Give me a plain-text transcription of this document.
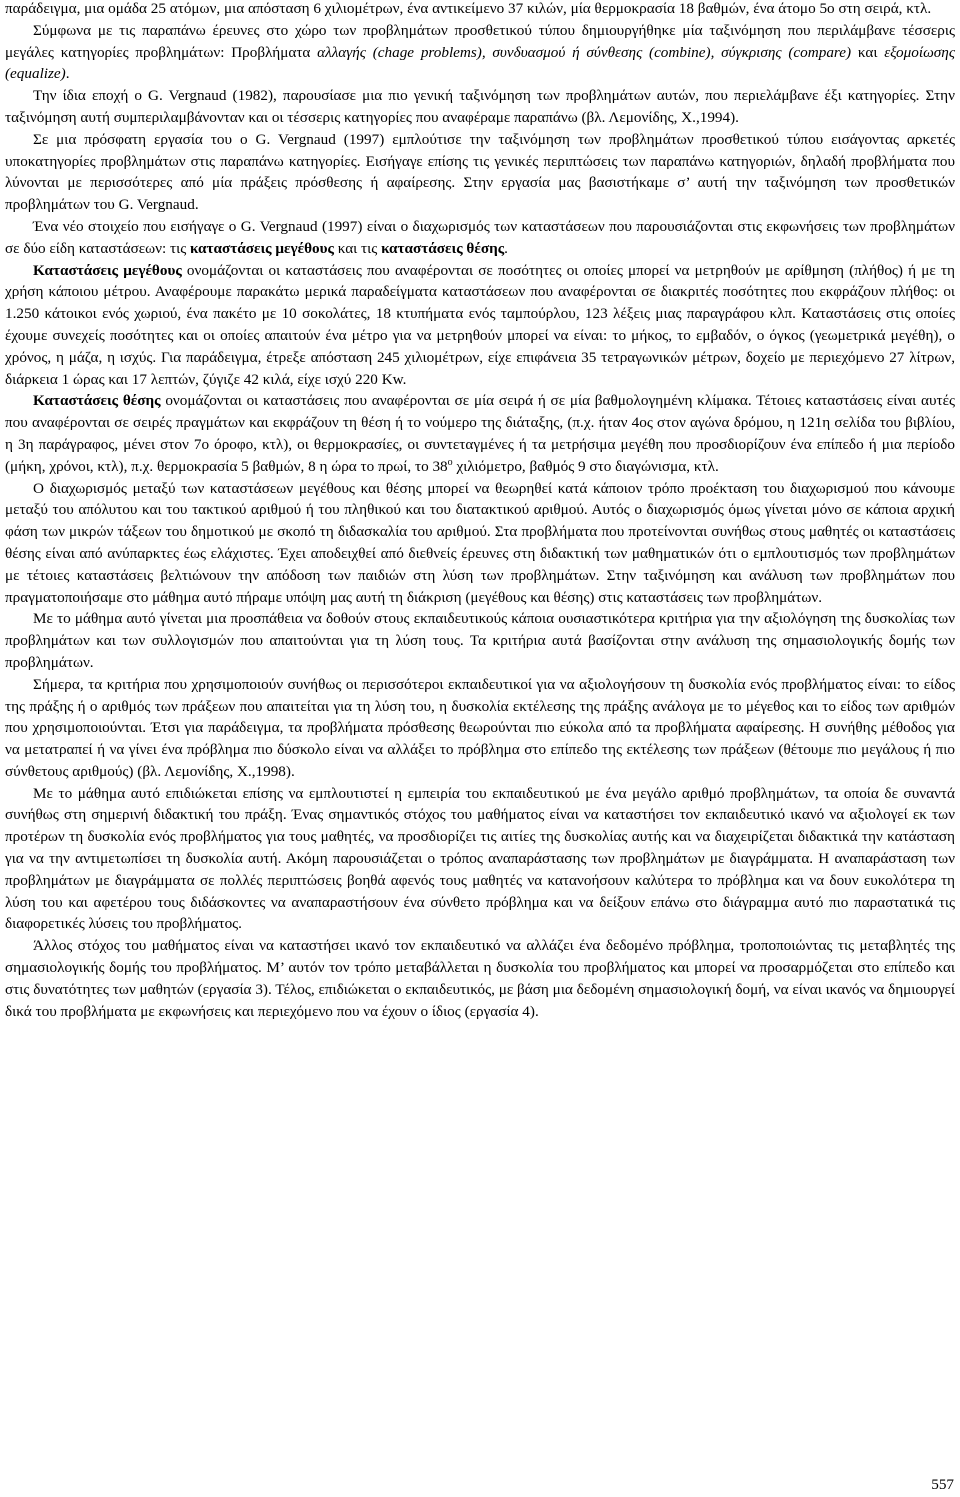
παράδειγμα, μια ομάδα 25 ατόμων, μια απόσταση 6 χιλιομέτρων, ένα αντικείμενο 37 κιλών, μία θερμοκρασία 18 βαθμών, ένα άτομο 5ο στη σειρά, κτλ.

Σύμφωνα με τις παραπάνω έρευνες στο χώρο των προβλημάτων προσθετικού τύπου δημιουργήθηκε μία ταξινόμηση που περιλάμβανε τέσσερις μεγάλες κατηγορίες προβλημάτων: Προβλήματα αλλαγής (chage problems), συνδυασμού ή σύνθεσης (combine), σύγκρισης (compare) και εξομοίωσης (equalize).

Την ίδια εποχή ο G. Vergnaud (1982), παρουσίασε μια πιο γενική ταξινόμηση των προβλημάτων αυτών, που περιελάμβανε έξι κατηγορίες. Στην ταξινόμηση αυτή συμπεριλαμβάνονταν και οι τέσσερις κατηγορίες που αναφέραμε παραπάνω (βλ. Λεμονίδης, Χ.,1994).

Σε μια πρόσφατη εργασία του ο G. Vergnaud (1997) εμπλούτισε την ταξινόμηση των προβλημάτων προσθετικού τύπου εισάγοντας αρκετές υποκατηγορίες προβλημάτων στις παραπάνω κατηγορίες. Εισήγαγε επίσης τις γενικές περιπτώσεις των παραπάνω κατηγοριών, δηλαδή προβλήματα που λύνονται με περισσότερες από μία πράξεις πρόσθεσης ή αφαίρεσης. Στην εργασία μας βασιστήκαμε σ’ αυτή την ταξινόμηση των προσθετικών προβλημάτων του G. Vergnaud.

Ένα νέο στοιχείο που εισήγαγε ο G. Vergnaud (1997) είναι ο διαχωρισμός των καταστάσεων που παρουσιάζονται στις εκφωνήσεις των προβλημάτων σε δύο είδη καταστάσεων: τις καταστάσεις μεγέθους και τις καταστάσεις θέσης.

Καταστάσεις μεγέθους ονομάζονται οι καταστάσεις που αναφέρονται σε ποσότητες οι οποίες μπορεί να μετρηθούν με αρίθμηση (πλήθος) ή με τη χρήση κάποιου μέτρου. Αναφέρουμε παρακάτω μερικά παραδείγματα καταστάσεων που αναφέρονται σε διακριτές ποσότητες που εκφράζουν πλήθος: οι 1.250 κάτοικοι ενός χωριού, ένα πακέτο με 10 σοκολάτες, 18 κτυπήματα ενός ταμπούρλου, 123 λέξεις μιας παραγράφου κλπ. Καταστάσεις στις οποίες έχουμε συνεχείς ποσότητες και οι οποίες απαιτούν ένα μέτρο για να μετρηθούν μπορεί να είναι: το μήκος, το εμβαδόν, ο όγκος (γεωμετρικά μεγέθη), ο χρόνος, η μάζα, η ισχύς. Για παράδειγμα, έτρεξε απόσταση 245 χιλιομέτρων, είχε επιφάνεια 35 τετραγωνικών μέτρων, δοχείο με περιεχόμενο 27 λίτρων, διάρκεια 1 ώρας και 17 λεπτών, ζύγιζε 42 κιλά, είχε ισχύ 220 Kw.

Καταστάσεις θέσης ονομάζονται οι καταστάσεις που αναφέρονται σε μία σειρά ή σε μία βαθμολογημένη κλίμακα. Τέτοιες καταστάσεις είναι αυτές που αναφέρονται σε σειρές πραγμάτων και εκφράζουν τη θέση ή το νούμερο της διάταξης, (π.χ. ήταν 4ος στον αγώνα δρόμου, η 121η σελίδα του βιβλίου, η 3η παράγραφος, μένει στον 7ο όροφο, κτλ), οι θερμοκρασίες, οι συντεταγμένες ή τα μετρήσιμα μεγέθη που προσδιορίζουν ένα επίπεδο ή μια περίοδο (μήκη, χρόνοι, κτλ), π.χ. θερμοκρασία 5 βαθμών, 8 η ώρα το πρωί, το $38^o$ χιλιόμετρο, βαθμός 9 στο διαγώνισμα, κτλ.

Ο διαχωρισμός μεταξύ των καταστάσεων μεγέθους και θέσης μπορεί να θεωρηθεί κατά κάποιον τρόπο προέκταση του διαχωρισμού που κάνουμε μεταξύ του απόλυτου και του τακτικού αριθμού ή του πληθικού και του διατακτικού αριθμού. Αυτός ο διαχωρισμός όμως γίνεται μόνο σε κάποια αρχική φάση των μικρών τάξεων του δημοτικού με σκοπό τη διδασκαλία του αριθμού. Στα προβλήματα που προτείνονται συνήθως στους μαθητές οι καταστάσεις θέσης είναι από ανύπαρκτες έως ελάχιστες. Έχει αποδειχθεί από διεθνείς έρευνες στη διδακτική των μαθηματικών ότι ο εμπλουτισμός των προβλημάτων με τέτοιες καταστάσεις βελτιώνουν την απόδοση των παιδιών στη λύση των προβλημάτων. Στην ταξινόμηση και ανάλυση των προβλημάτων που πραγματοποιήσαμε στο μάθημα αυτό πήραμε υπόψη μας αυτή τη διάκριση (μεγέθους και θέσης) στις καταστάσεις των προβλημάτων.

Με το μάθημα αυτό γίνεται μια προσπάθεια να δοθούν στους εκπαιδευτικούς κάποια ουσιαστικότερα κριτήρια για την αξιολόγηση της δυσκολίας των προβλημάτων και των συλλογισμών που απαιτούνται για τη λύση τους. Τα κριτήρια αυτά βασίζονται στην ανάλυση της σημασιολογικής δομής των προβλημάτων.

Σήμερα, τα κριτήρια που χρησιμοποιούν συνήθως οι περισσότεροι εκπαιδευτικοί για να αξιολογήσουν τη δυσκολία ενός προβλήματος είναι: το είδος της πράξης ή ο αριθμός των πράξεων που απαιτείται για τη λύση του, η δυσκολία εκτέλεσης της πράξης ανάλογα με το μέγεθος και το είδος των αριθμών που χρησιμοποιούνται. Έτσι για παράδειγμα, τα προβλήματα πρόσθεσης θεωρούνται πιο εύκολα από τα προβλήματα αφαίρεσης. Η συνήθης μέθοδος για να μετατραπεί ή να γίνει ένα πρόβλημα πιο δύσκολο είναι να αλλάξει το πρόβλημα στο επίπεδο της εκτέλεσης των πράξεων (θέτουμε πιο μεγάλους ή πιο σύνθετους αριθμούς) (βλ. Λεμονίδης, Χ.,1998).

Με το μάθημα αυτό επιδιώκεται επίσης να εμπλουτιστεί η εμπειρία του εκπαιδευτικού με ένα μεγάλο αριθμό προβλημάτων, τα οποία δε συναντά συνήθως στη σημερινή διδακτική του πράξη. Ένας σημαντικός στόχος του μαθήματος είναι να καταστήσει τον εκπαιδευτικό ικανό να αξιολογεί εκ των προτέρων τη δυσκολία ενός προβλήματος για τους μαθητές, να προσδιορίζει τις αιτίες της δυσκολίας αυτής και να διαχειρίζεται διδακτικά την κατάσταση για να την αντιμετωπίσει τη δυσκολία αυτή. Ακόμη παρουσιάζεται ο τρόπος αναπαράστασης των προβλημάτων με διαγράμματα. Η αναπαράσταση των προβλημάτων με διαγράμματα σε πολλές περιπτώσεις βοηθά αφενός τους μαθητές να κατανοήσουν καλύτερα το πρόβλημα και να δουν ευκολότερα τη λύση του και αφετέρου τους διδάσκοντες να αναπαραστήσουν ένα σύνθετο πρόβλημα και να δείξουν επάνω στο διάγραμμα αυτό πιο παραστατικά τις διαφορετικές λύσεις του προβλήματος.

Άλλος στόχος του μαθήματος είναι να καταστήσει ικανό τον εκπαιδευτικό να αλλάζει ένα δεδομένο πρόβλημα, τροποποιώντας τις μεταβλητές της σημασιολογικής δομής του προβλήματος. Μ’ αυτόν τον τρόπο μεταβάλλεται η δυσκολία του προβλήματος και μπορεί να προσαρμόζεται στο επίπεδο και στις δυνατότητες των μαθητών (εργασία 3). Τέλος, επιδιώκεται ο εκπαιδευτικός, με βάση μια δεδομένη σημασιολογική δομή, να είναι ικανός να δημιουργεί δικά του προβλήματα με εκφωνήσεις και περιεχόμενο που να έχουν ο ίδιος (εργασία 4).

557
